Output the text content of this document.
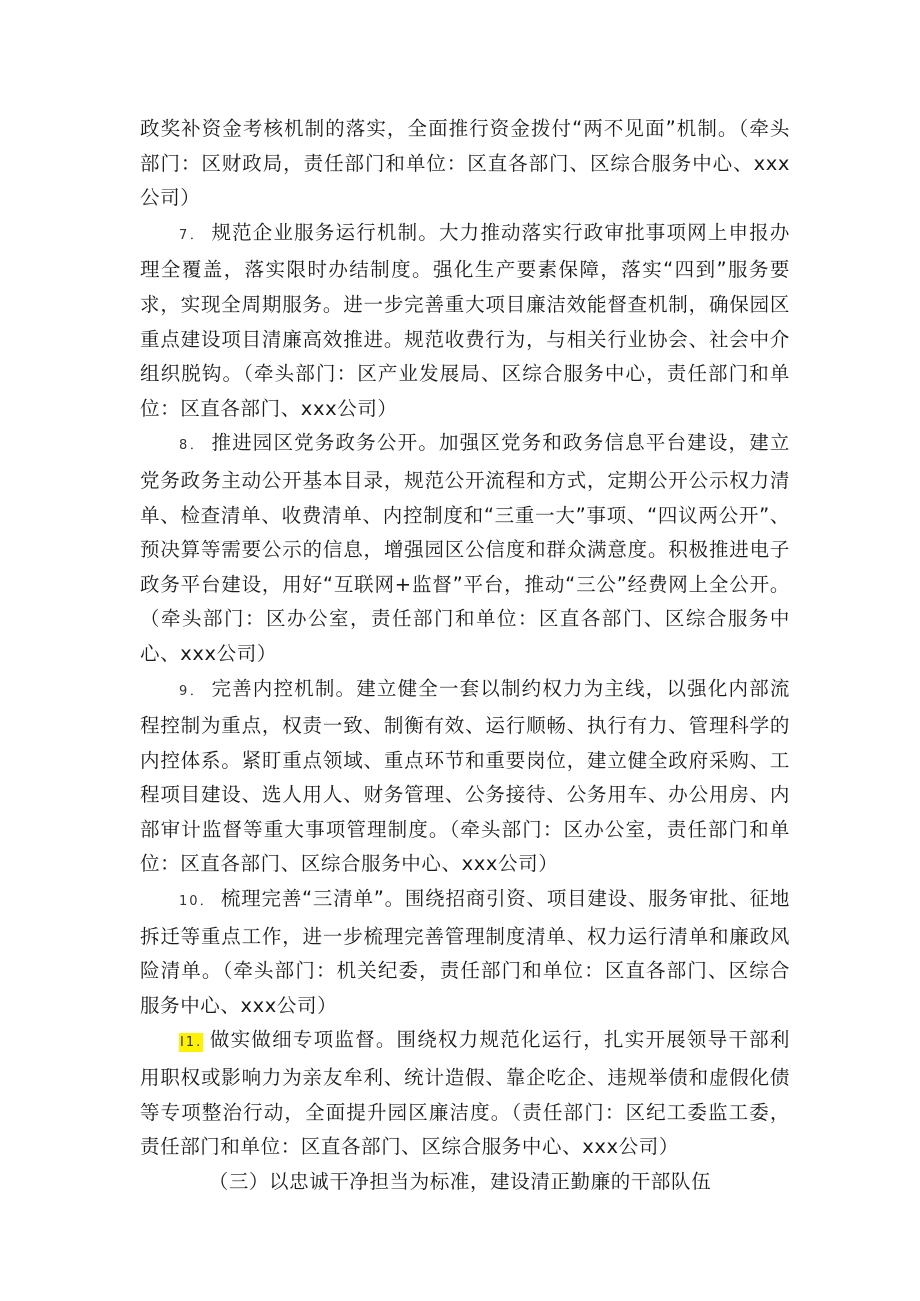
政奖补资金考核机制的落实，全面推行资金拨付“两不见面”机制。（牵头部门：区财政局，责任部门和单位：区直各部门、区综合服务中心、xxx公司）

7． 规范企业服务运行机制。大力推动落实行政审批事项网上申报办理全覆盖，落实限时办结制度。强化生产要素保障，落实“四到”服务要求，实现全周期服务。进一步完善重大项目廉洁效能督查机制，确保园区重点建设项目清廉高效推进。规范收费行为，与相关行业协会、社会中介组织脱钩。（牵头部门：区产业发展局、区综合服务中心，责任部门和单位：区直各部门、xxx公司）

8． 推进园区党务政务公开。加强区党务和政务信息平台建设，建立党务政务主动公开基本目录，规范公开流程和方式，定期公开公示权力清单、检查清单、收费清单、内控制度和“三重一大”事项、“四议两公开”、预决算等需要公示的信息，增强园区公信度和群众满意度。积极推进电子政务平台建设，用好“互联网+监督”平台，推动“三公”经费网上全公开。（牵头部门：区办公室，责任部门和单位：区直各部门、区综合服务中心、xxx公司）

9． 完善内控机制。建立健全一套以制约权力为主线，以强化内部流程控制为重点，权责一致、制衡有效、运行顺畅、执行有力、管理科学的内控体系。紧盯重点领域、重点环节和重要岗位，建立健全政府采购、工程项目建设、选人用人、财务管理、公务接待、公务用车、办公用房、内部审计监督等重大事项管理制度。（牵头部门：区办公室，责任部门和单位：区直各部门、区综合服务中心、xxx公司）

10． 梳理完善“三清单”。围绕招商引资、项目建设、服务审批、征地拆迁等重点工作，进一步梳理完善管理制度清单、权力运行清单和廉政风险清单。（牵头部门：机关纪委，责任部门和单位：区直各部门、区综合服务中心、xxx公司）

I1. 做实做细专项监督。围绕权力规范化运行，扎实开展领导干部利用职权或影响力为亲友牟利、统计造假、靠企吃企、违规举债和虚假化债等专项整治行动，全面提升园区廉洁度。（责任部门：区纪工委监工委，责任部门和单位：区直各部门、区综合服务中心、xxx公司）

（三）以忠诚干净担当为标准，建设清正勤廉的干部队伍
